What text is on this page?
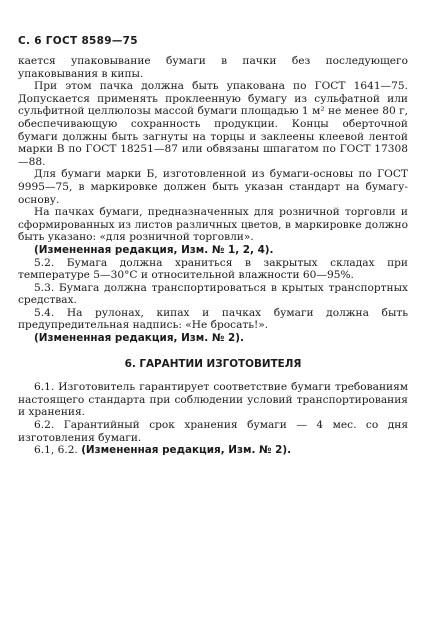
С. 6 ГОСТ 8589—75

кается упаковывание бумаги в пачки без последующего упаковывания в кипы.

При этом пачка должна быть упакована по ГОСТ 1641—75. Допускается применять проклеенную бумагу из сульфатной или сульфитной целлюлозы массой бумаги площадью 1 м² не менее 80 г, обеспечивающую сохранность продукции. Концы оберточной бумаги должны быть загнуты на торцы и заклеены клеевой лентой марки В по ГОСТ 18251—87 или обвязаны шпагатом по ГОСТ 17308—88.

Для бумаги марки Б, изготовленной из бумаги-основы по ГОСТ 9995—75, в маркировке должен быть указан стандарт на бумагу-основу.

На пачках бумаги, предназначенных для розничной торговли и сформированных из листов различных цветов, в маркировке должно быть указано: «для розничной торговли».

(Измененная редакция, Изм. № 1, 2, 4).

5.2. Бумага должна храниться в закрытых складах при температуре 5—30°С и относительной влажности 60—95%.

5.3. Бумага должна транспортироваться в крытых транспортных средствах.

5.4. На рулонах, кипах и пачках бумаги должна быть предупредительная надпись: «Не бросать!».

(Измененная редакция, Изм. № 2).

6. ГАРАНТИИ ИЗГОТОВИТЕЛЯ

6.1. Изготовитель гарантирует соответствие бумаги требованиям настоящего стандарта при соблюдении условий транспортирования и хранения.

6.2. Гарантийный срок хранения бумаги — 4 мес. со дня изготовления бумаги.

6.1, 6.2. (Измененная редакция, Изм. № 2).
